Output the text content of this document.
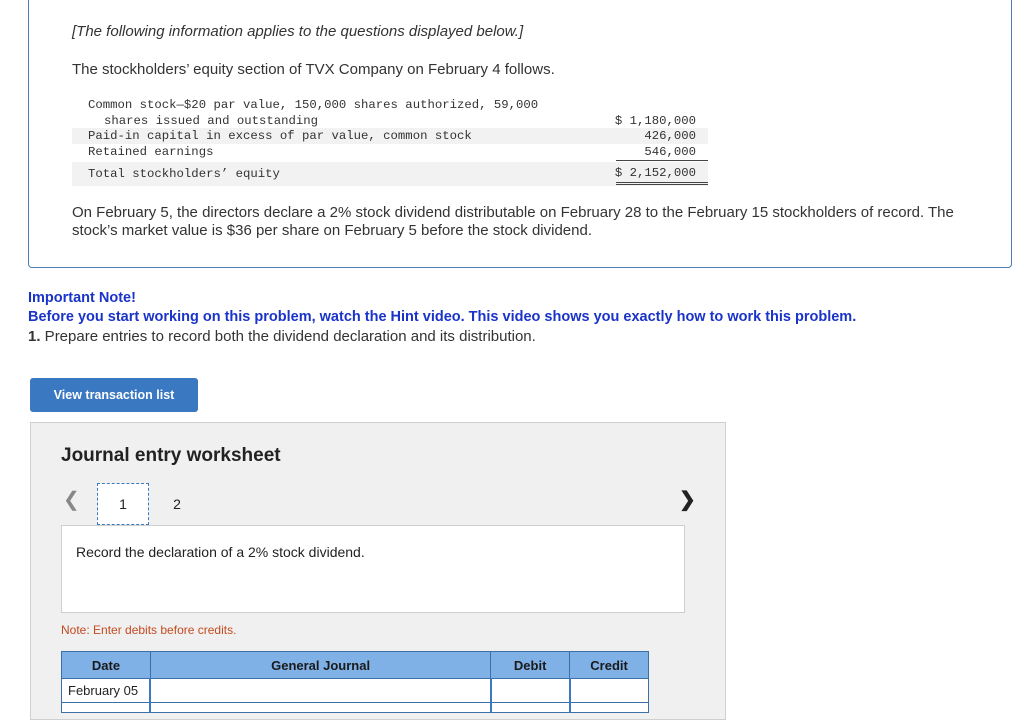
[The following information applies to the questions displayed below.]
The stockholders’ equity section of TVX Company on February 4 follows.
Common stock—$20 par value, 150,000 shares authorized, 59,000
shares issued and outstanding	$ 1,180,000
Paid-in capital in excess of par value, common stock	426,000
Retained earnings	546,000
Total stockholders’ equity	$ 2,152,000
On February 5, the directors declare a 2% stock dividend distributable on February 28 to the February 15 stockholders of record. The stock’s market value is $36 per share on February 5 before the stock dividend.
Important Note!
Before you start working on this problem, watch the Hint video. This video shows you exactly how to work this problem.
1. Prepare entries to record both the dividend declaration and its distribution.
View transaction list
Journal entry worksheet
❮	1	2	❯
Record the declaration of a 2% stock dividend.
Note: Enter debits before credits.
Date	General Journal	Debit	Credit
February 05			
